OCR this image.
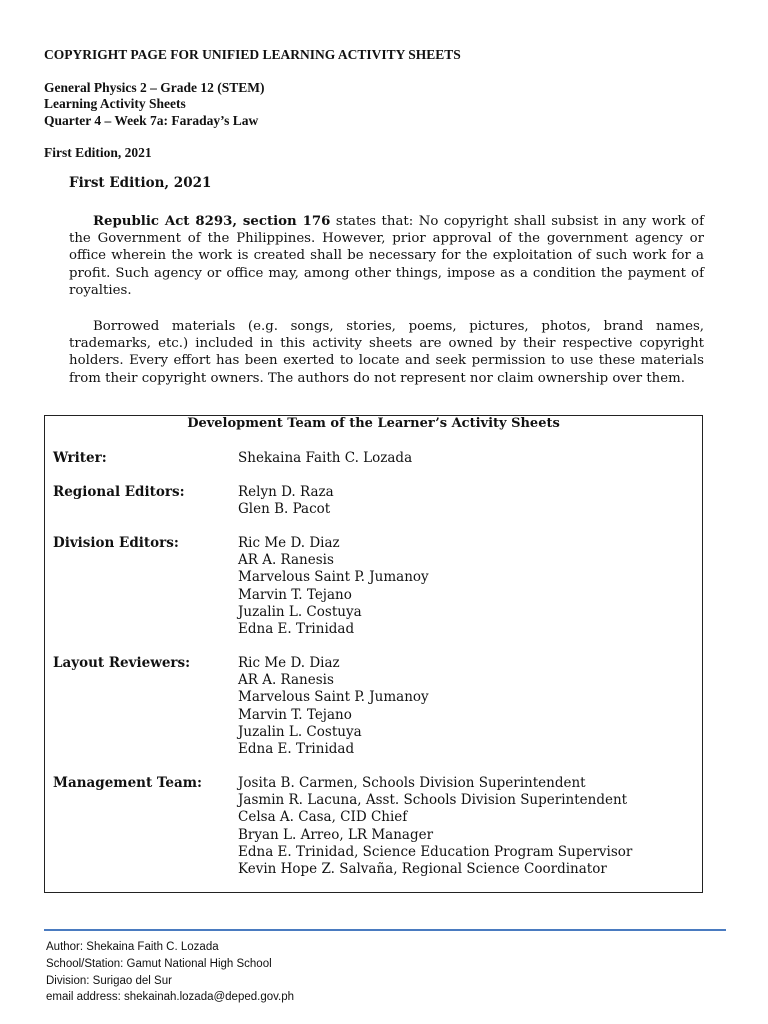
COPYRIGHT PAGE FOR UNIFIED LEARNING ACTIVITY SHEETS
General Physics 2 – Grade 12 (STEM)
Learning Activity Sheets
Quarter 4 – Week 7a: Faraday’s Law
First Edition, 2021
First Edition, 2021

Republic Act 8293, section 176 states that: No copyright shall subsist in any work of the Government of the Philippines. However, prior approval of the government agency or office wherein the work is created shall be necessary for the exploitation of such work for a profit. Such agency or office may, among other things, impose as a condition the payment of royalties.

Borrowed materials (e.g. songs, stories, poems, pictures, photos, brand names, trademarks, etc.) included in this activity sheets are owned by their respective copyright holders. Every effort has been exerted to locate and seek permission to use these materials from their copyright owners. The authors do not represent nor claim ownership over them.

Development Team of the Learner’s Activity Sheets
Writer:	Shekaina Faith C. Lozada
Regional Editors:	Relyn D. Raza
Glen B. Pacot
Division Editors:	Ric Me D. Diaz
AR A. Ranesis
Marvelous Saint P. Jumanoy
Marvin T. Tejano
Juzalin L. Costuya
Edna E. Trinidad
Layout Reviewers:	Ric Me D. Diaz
AR A. Ranesis
Marvelous Saint P. Jumanoy
Marvin T. Tejano
Juzalin L. Costuya
Edna E. Trinidad
Management Team:	Josita B. Carmen, Schools Division Superintendent
Jasmin R. Lacuna, Asst. Schools Division Superintendent
Celsa A. Casa, CID Chief
Bryan L. Arreo, LR Manager
Edna E. Trinidad, Science Education Program Supervisor
Kevin Hope Z. Salvaña, Regional Science Coordinator
Author: Shekaina Faith C. Lozada
School/Station: Gamut National High School
Division: Surigao del Sur
email address: shekainah.lozada@deped.gov.ph
